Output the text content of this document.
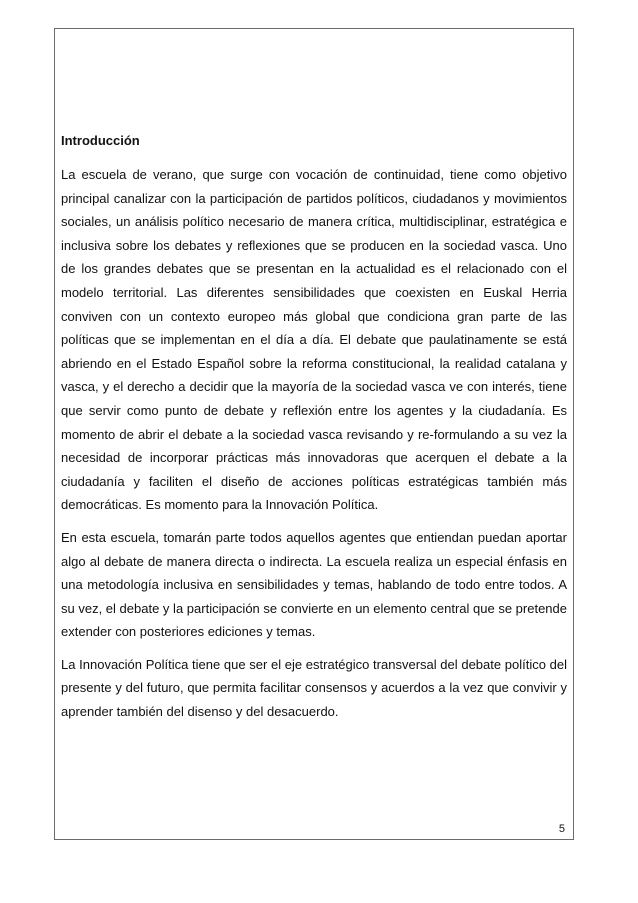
Introducción

La escuela de verano, que surge con vocación de continuidad, tiene como objetivo principal canalizar con la participación de partidos políticos, ciudadanos y movimientos sociales, un análisis político necesario de manera crítica, multidisciplinar, estratégica e inclusiva sobre los debates y reflexiones que se producen en la sociedad vasca. Uno de los grandes debates que se presentan en la actualidad es el relacionado con el modelo territorial. Las diferentes sensibilidades que coexisten en Euskal Herria conviven con un contexto europeo más global que condiciona gran parte de las políticas que se implementan en el día a día. El debate que paulatinamente se está abriendo en el Estado Español sobre la reforma constitucional, la realidad catalana y vasca, y el derecho a decidir que la mayoría de la sociedad vasca ve con interés, tiene que servir como punto de debate y reflexión entre los agentes y la ciudadanía. Es momento de abrir el debate a la sociedad vasca revisando y re-formulando a su vez la necesidad de incorporar prácticas más innovadoras que acerquen el debate a la ciudadanía y faciliten el diseño de acciones políticas estratégicas también más democráticas. Es momento para la Innovación Política.

En esta escuela, tomarán parte todos aquellos agentes que entiendan puedan aportar algo al debate de manera directa o indirecta. La escuela realiza un especial énfasis en una metodología inclusiva en sensibilidades y temas, hablando de todo entre todos. A su vez, el debate y la participación se convierte en un elemento central que se pretende extender con posteriores ediciones y temas.

La Innovación Política tiene que ser el eje estratégico transversal del debate político del presente y del futuro, que permita facilitar consensos y acuerdos a la vez que convivir y aprender también del disenso y del desacuerdo.

5
